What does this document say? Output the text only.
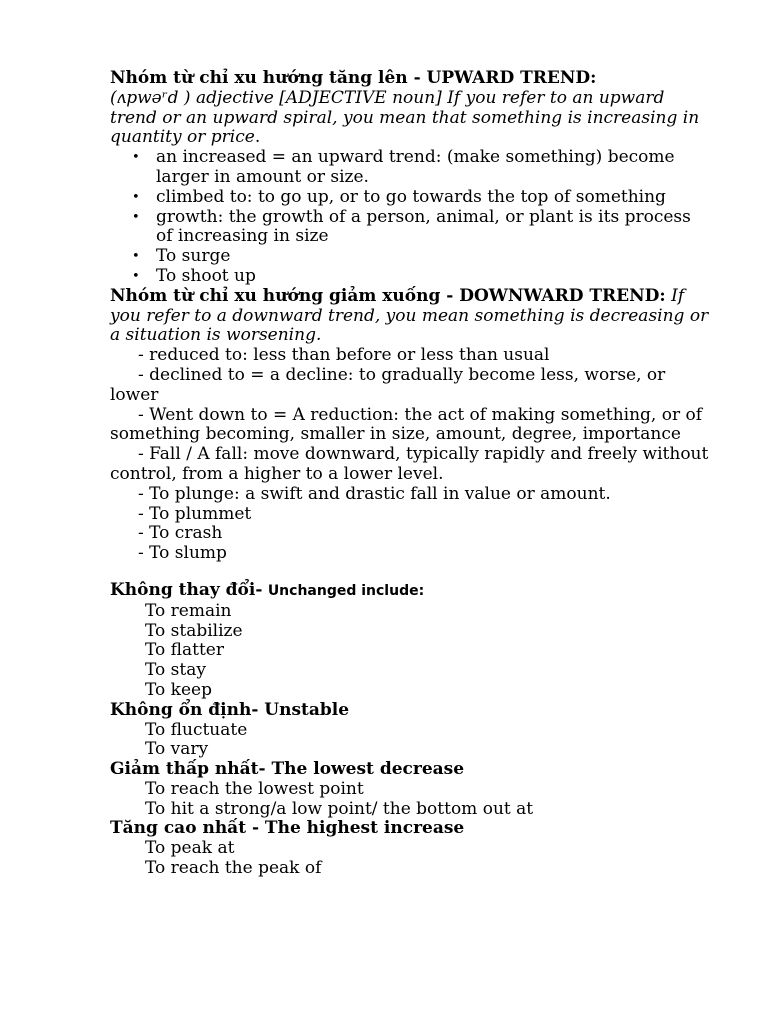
Nhóm từ chỉ xu hướng tăng lên - UPWARD TREND:
(ʌpwəʳd ) adjective [ADJECTIVE noun] If you refer to an upward trend or an upward spiral, you mean that something is increasing in quantity or price.
• an increased = an upward trend: (make something) become larger in amount or size.
• climbed to: to go up, or to go towards the top of something
• growth: the growth of a person, animal, or plant is its process of increasing in size
• To surge
• To shoot up
Nhóm từ chỉ xu hướng giảm xuống - DOWNWARD TREND: If you refer to a downward trend, you mean something is decreasing or a situation is worsening.
- reduced to: less than before or less than usual
- declined to = a decline: to gradually become less, worse, or lower
- Went down to = A reduction: the act of making something, or of something becoming, smaller in size, amount, degree, importance
- Fall / A fall: move downward, typically rapidly and freely without control, from a higher to a lower level.
- To plunge: a swift and drastic fall in value or amount.
- To plummet
- To crash
- To slump
Không thay đổi- Unchanged include:
To remain
To stabilize
To flatter
To stay
To keep
Không ổn định- Unstable
To fluctuate
To vary
Giảm thấp nhất- The lowest decrease
To reach the lowest point
To hit a strong/a low point/ the bottom out at
Tăng cao nhất - The highest increase
To peak at
To reach the peak of
